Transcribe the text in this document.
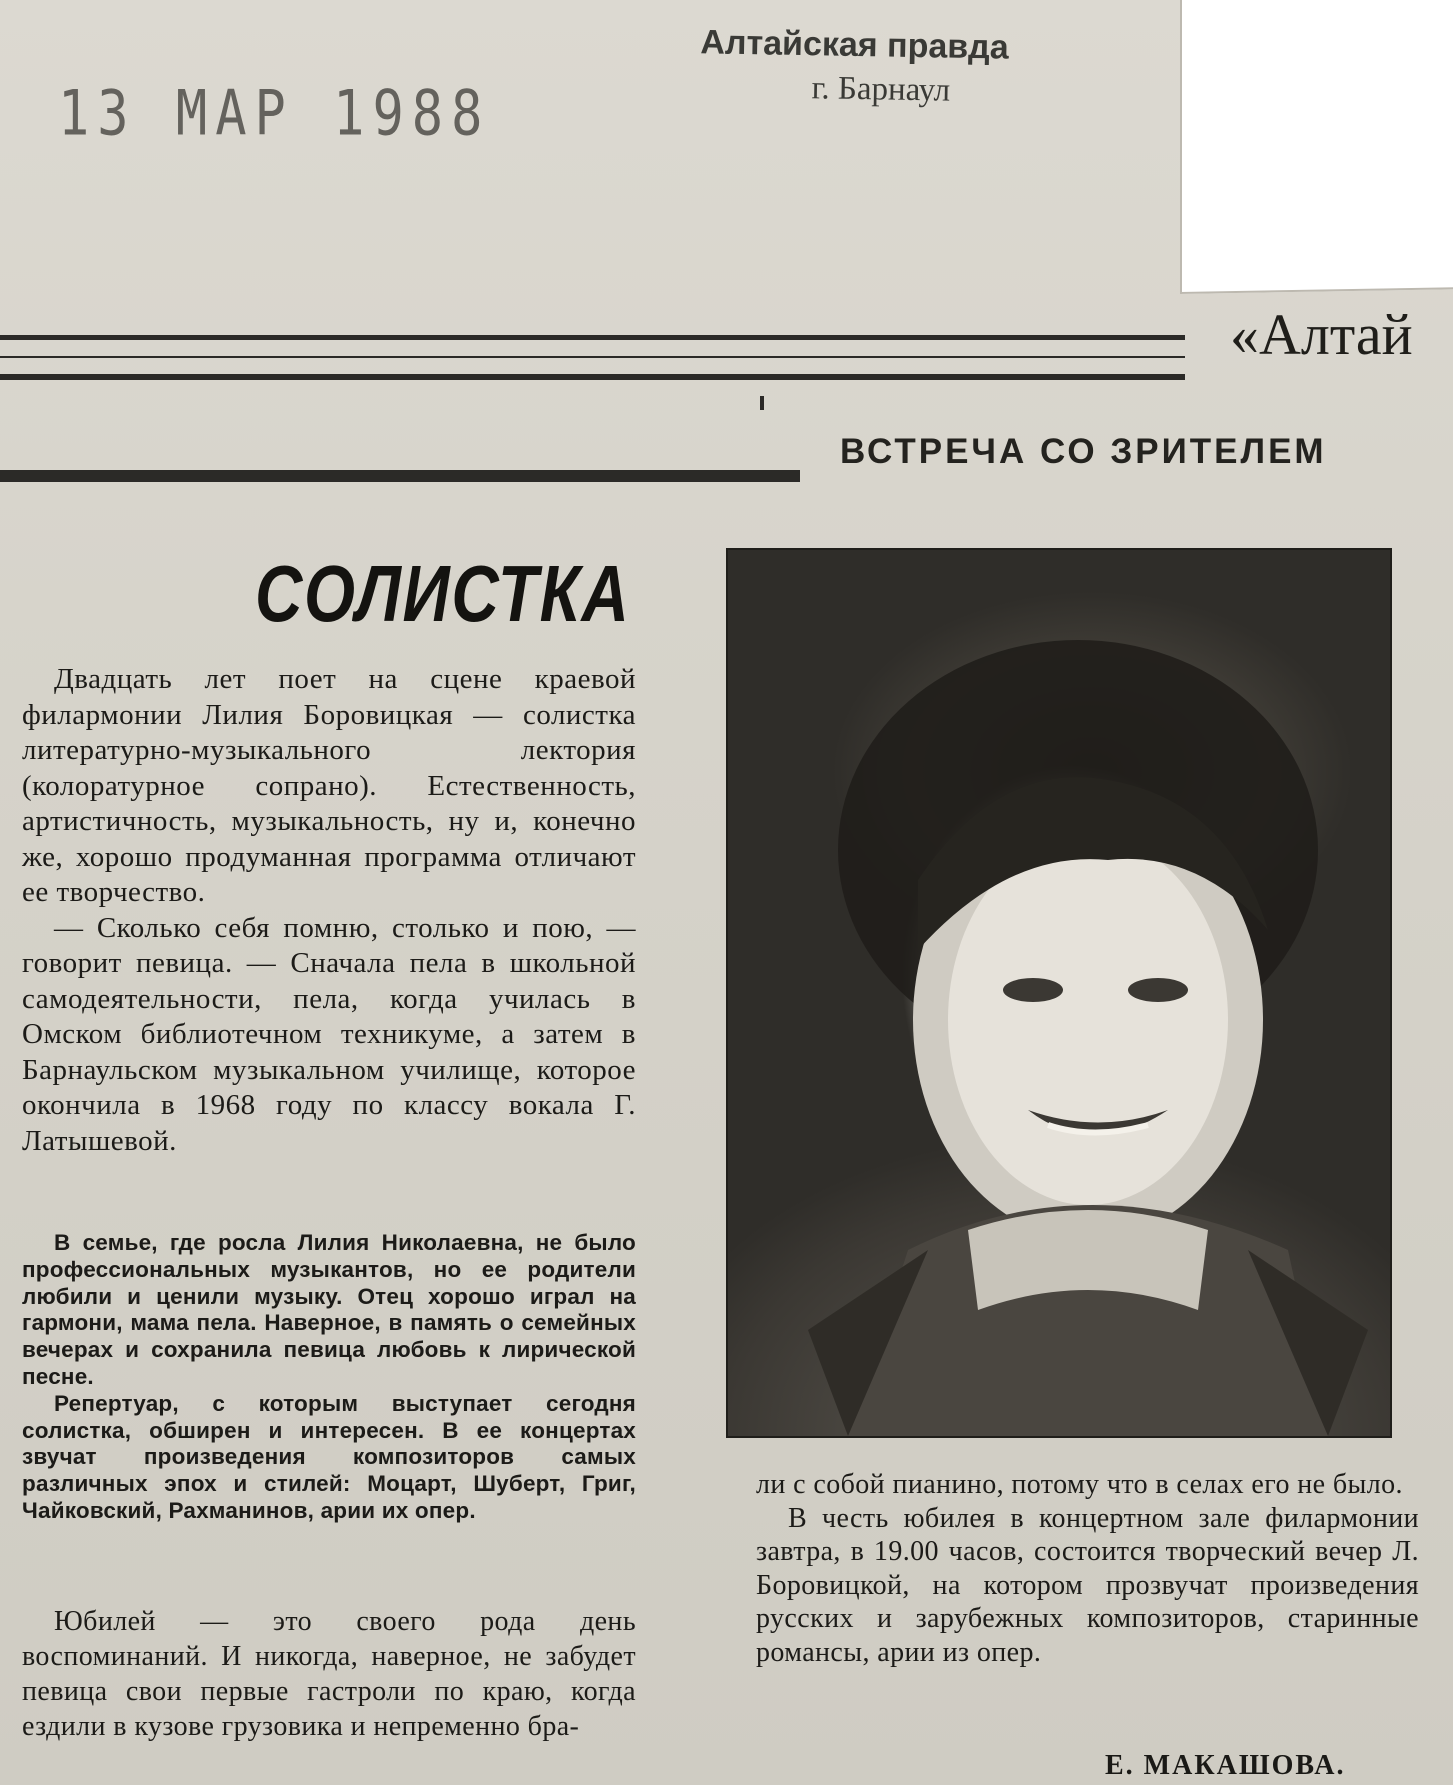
13 МАР 1988
Алтайская правда
г. Барнаул
«Алтай
ВСТРЕЧА СО ЗРИТЕЛЕМ
СОЛИСТКА

Двадцать лет поет на сцене краевой филармонии Лилия Боровицкая — солистка литературно-музыкального лектория (колоратурное сопрано). Естественность, артистичность, музыкальность, ну и, конечно же, хорошо продуманная программа отличают ее творчество.

— Сколько себя помню, столько и пою, — говорит певица. — Сначала пела в школьной самодеятельности, пела, когда училась в Омском библиотечном техникуме, а затем в Барнаульском музыкальном училище, которое окончила в 1968 году по классу вокала Г. Латышевой.

В семье, где росла Лилия Николаевна, не было профессиональных музыкантов, но ее родители любили и ценили музыку. Отец хорошо играл на гармони, мама пела. Наверное, в память о семейных вечерах и сохранила певица любовь к лирической песне.

Репертуар, с которым выступает сегодня солистка, обширен и интересен. В ее концертах звучат произведения композиторов самых различных эпох и стилей: Моцарт, Шуберт, Григ, Чайковский, Рахманинов, арии их опер.

Юбилей — это своего рода день воспоминаний. И никогда, наверное, не забудет певица свои первые гастроли по краю, когда ездили в кузове грузовика и непременно бра-

ли с собой пианино, потому что в селах его не было.

В честь юбилея в концертном зале филармонии завтра, в 19.00 часов, состоится творческий вечер Л. Боровицкой, на котором прозвучат произведения русских и зарубежных композиторов, старинные романсы, арии из опер.

Е. МАКАШОВА.
